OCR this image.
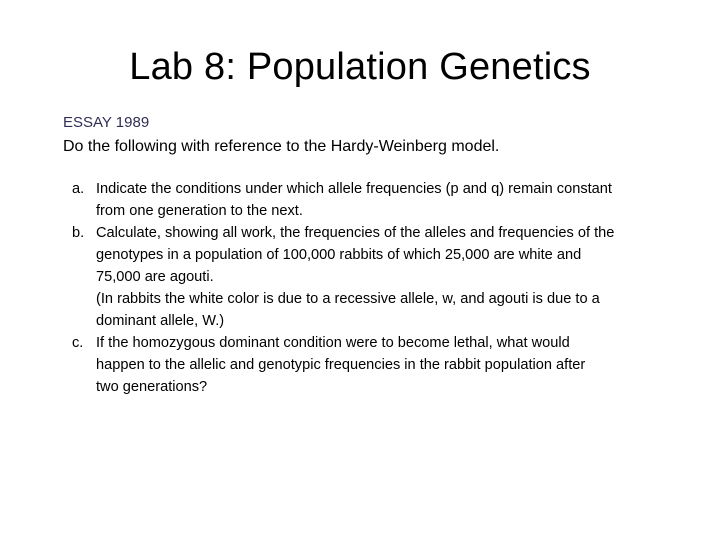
Lab 8: Population Genetics
ESSAY 1989
Do the following with reference to the Hardy-Weinberg model.
a. Indicate the conditions under which allele frequencies (p and q) remain constant
from one generation to the next.
b. Calculate, showing all work, the frequencies of the alleles and frequencies of the
genotypes in a population of 100,000 rabbits of which 25,000 are white and
75,000 are agouti.
(In rabbits the white color is due to a recessive allele, w, and agouti is due to a
dominant allele, W.)
c. If the homozygous dominant condition were to become lethal, what would
happen to the allelic and genotypic frequencies in the rabbit population after
two generations?
